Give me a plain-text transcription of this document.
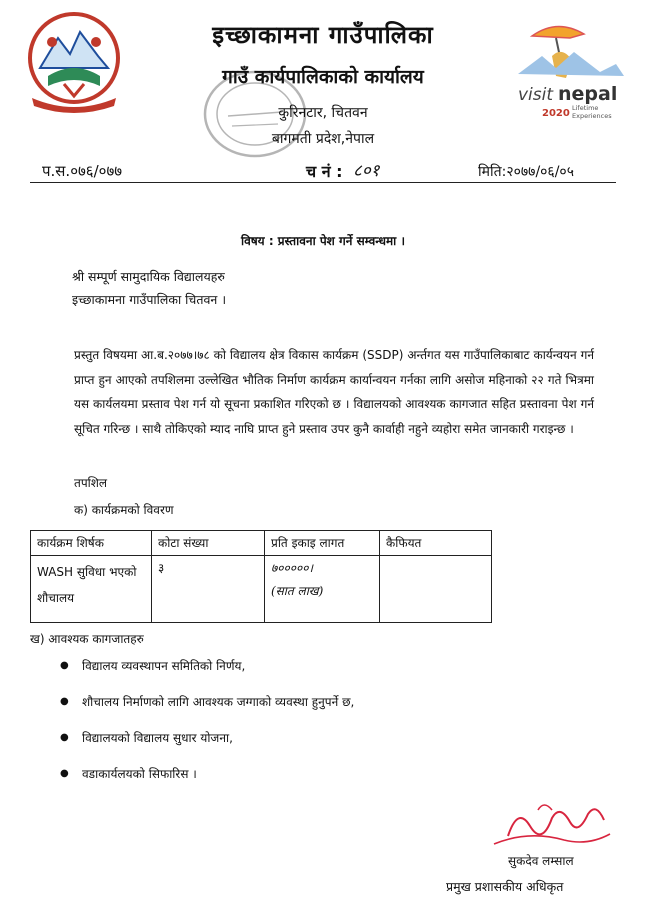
visit nepal
2020 Lifetime
Experiences
इच्छाकामना गाउँपालिका
गाउँ कार्यपालिकाको कार्यालय
कुरिनटार, चितवन
बागमती प्रदेश,नेपाल
प.स.०७६/०७७	च नं : ८०१	मिति:२०७७/०६/०५
विषय : प्रस्तावना पेश गर्ने सम्वन्धमा ।
श्री सम्पूर्ण सामुदायिक विद्यालयहरु
इच्छाकामना गाउँपालिका चितवन ।
प्रस्तुत विषयमा आ.ब.२०७७।७८ को विद्यालय क्षेत्र विकास कार्यक्रम (SSDP) अर्न्तगत यस गाउँपालिकाबाट कार्यन्वयन गर्न प्राप्त हुन आएको तपशिलमा उल्लेखित भौतिक निर्माण कार्यक्रम कार्यान्वयन गर्नका लागि असोज महिनाको २२ गते भित्रमा यस कार्यलयमा प्रस्ताव पेश गर्न यो सूचना प्रकाशित गरिएको छ । विद्यालयको आवश्यक कागजात सहित प्रस्तावना पेश गर्न सूचित गरिन्छ । साथै तोकिएको म्याद नाघि प्राप्त हुने प्रस्ताव उपर कुनै कार्वाही नहुने व्यहोरा समेत जानकारी गराइन्छ ।
तपशिल
क) कार्यक्रमको विवरण
कार्यक्रम शिर्षक	कोटा संख्या	प्रति इकाइ लागत	कैफियत
WASH सुविधा भएको शौचालय	३	७०००००।
(सात लाख)	

ख) आवश्यक कागजातहरु
● विद्यालय व्यवस्थापन समितिको निर्णय,
● शौचालय निर्माणको लागि आवश्यक जग्गाको व्यवस्था हुनुपर्ने छ,
● विद्यालयको विद्यालय सुधार योजना,
● वडाकार्यलयको सिफारिस ।
सुकदेव लम्साल
प्रमुख प्रशासकीय अधिकृत
